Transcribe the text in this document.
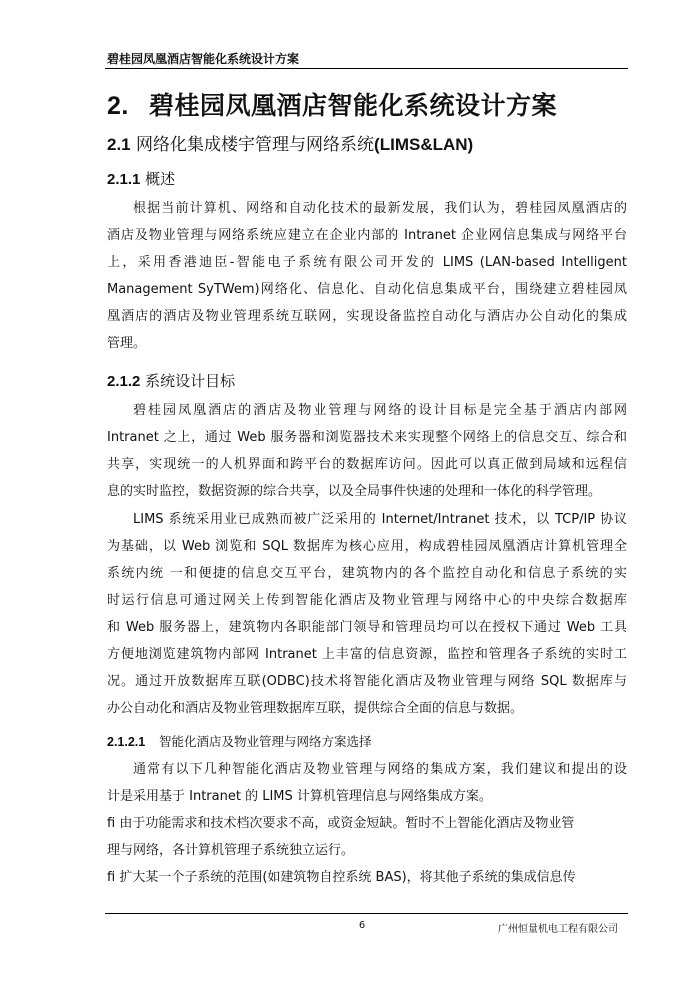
碧桂园凤凰酒店智能化系统设计方案
2. 碧桂园凤凰酒店智能化系统设计方案
2.1 网络化集成楼宇管理与网络系统(LIMS&LAN)
2.1.1 概述
根据当前计算机、网络和自动化技术的最新发展，我们认为，碧桂园凤凰酒店的
酒店及物业管理与网络系统应建立在企业内部的 Intranet 企业网信息集成与网络平台
上，采用香港迪臣-智能电子系统有限公司开发的 LIMS (LAN-based Intelligent
Management SyTWem)网络化、信息化、自动化信息集成平台，围绕建立碧桂园凤
凰酒店的酒店及物业管理系统互联网，实现设备监控自动化与酒店办公自动化的集成
管理。
2.1.2 系统设计目标
碧桂园凤凰酒店的酒店及物业管理与网络的设计目标是完全基于酒店内部网
Intranet 之上，通过 Web 服务器和浏览器技术来实现整个网络上的信息交互、综合和
共享，实现统一的人机界面和跨平台的数据库访问。因此可以真正做到局域和远程信
息的实时监控，数据资源的综合共享，以及全局事件快速的处理和一体化的科学管理。
LIMS 系统采用业已成熟而被广泛采用的 Internet/Intranet 技术，以 TCP/IP 协议
为基础，以 Web 浏览和 SQL 数据库为核心应用，构成碧桂园凤凰酒店计算机管理全
系统内统 一和便捷的信息交互平台，建筑物内的各个监控自动化和信息子系统的实
时运行信息可通过网关上传到智能化酒店及物业管理与网络中心的中央综合数据库
和 Web 服务器上，建筑物内各职能部门领导和管理员均可以在授权下通过 Web 工具
方便地浏览建筑物内部网 Intranet 上丰富的信息资源，监控和管理各子系统的实时工
况。通过开放数据库互联(ODBC)技术将智能化酒店及物业管理与网络 SQL 数据库与
办公自动化和酒店及物业管理数据库互联，提供综合全面的信息与数据。
2.1.2.1 智能化酒店及物业管理与网络方案选择
通常有以下几种智能化酒店及物业管理与网络的集成方案，我们建议和提出的设
计是采用基于 Intranet 的 LIMS 计算机管理信息与网络集成方案。
fi 由于功能需求和技术档次要求不高，或资金短缺。暂时不上智能化酒店及物业管
理与网络，各计算机管理子系统独立运行。
fi 扩大某一个子系统的范围(如建筑物自控系统 BAS)，将其他子系统的集成信息传
6	广州恒量机电工程有限公司
